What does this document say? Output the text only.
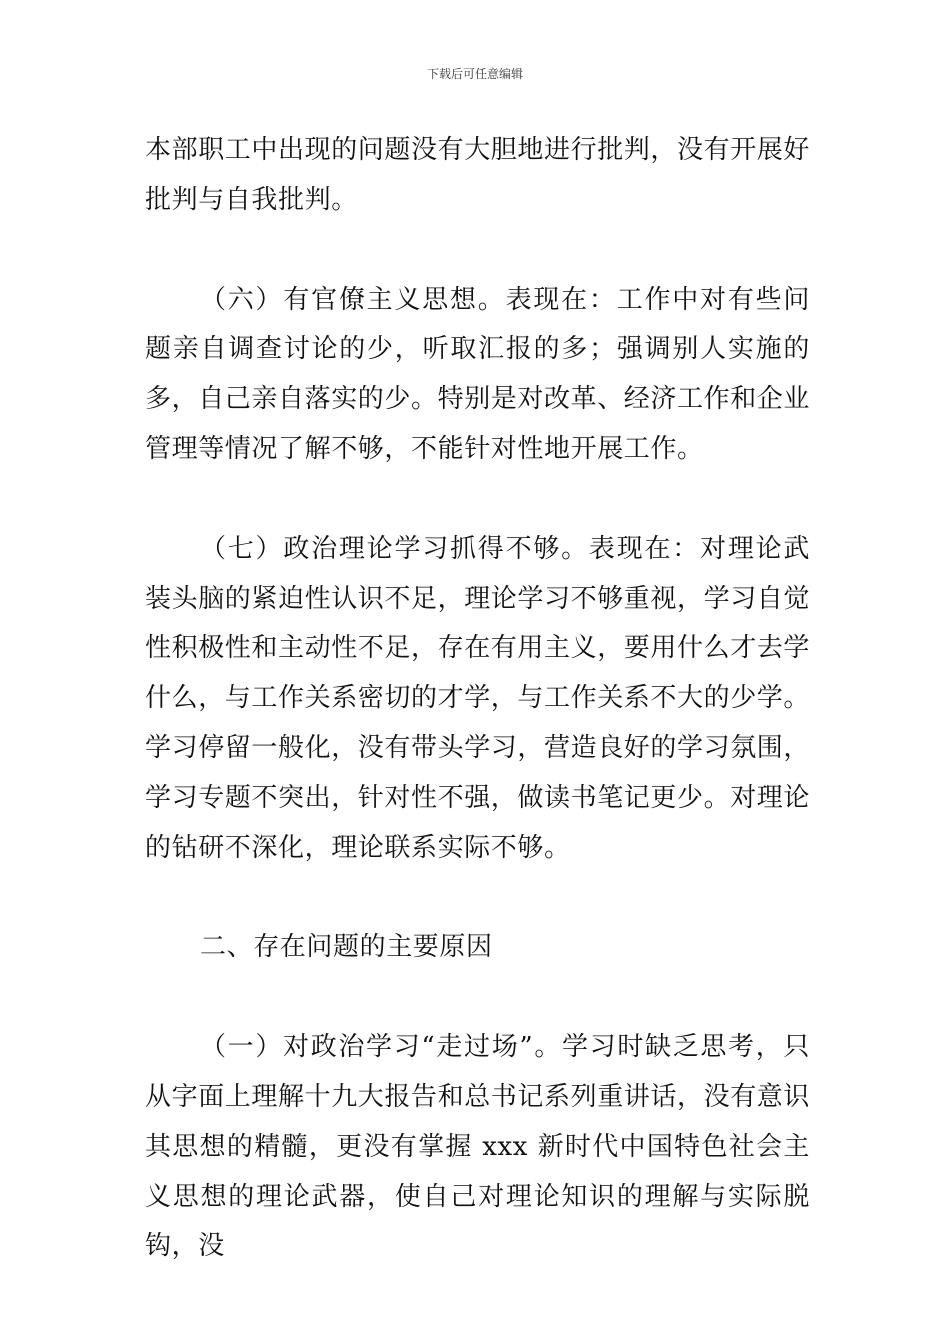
下载后可任意编辑

本部职工中出现的问题没有大胆地进行批判，没有开展好批判与自我批判。

（六）有官僚主义思想。表现在：工作中对有些问题亲自调查讨论的少，听取汇报的多；强调别人实施的多，自己亲自落实的少。特别是对改革、经济工作和企业管理等情况了解不够，不能针对性地开展工作。

（七）政治理论学习抓得不够。表现在：对理论武装头脑的紧迫性认识不足，理论学习不够重视，学习自觉性积极性和主动性不足，存在有用主义，要用什么才去学什么，与工作关系密切的才学，与工作关系不大的少学。学习停留一般化，没有带头学习，营造良好的学习氛围，学习专题不突出，针对性不强，做读书笔记更少。对理论的钻研不深化，理论联系实际不够。

二、存在问题的主要原因

（一）对政治学习“走过场”。学习时缺乏思考，只从字面上理解十九大报告和总书记系列重讲话，没有意识其思想的精髓，更没有掌握 xxx 新时代中国特色社会主义思想的理论武器，使自己对理论知识的理解与实际脱钩，没
